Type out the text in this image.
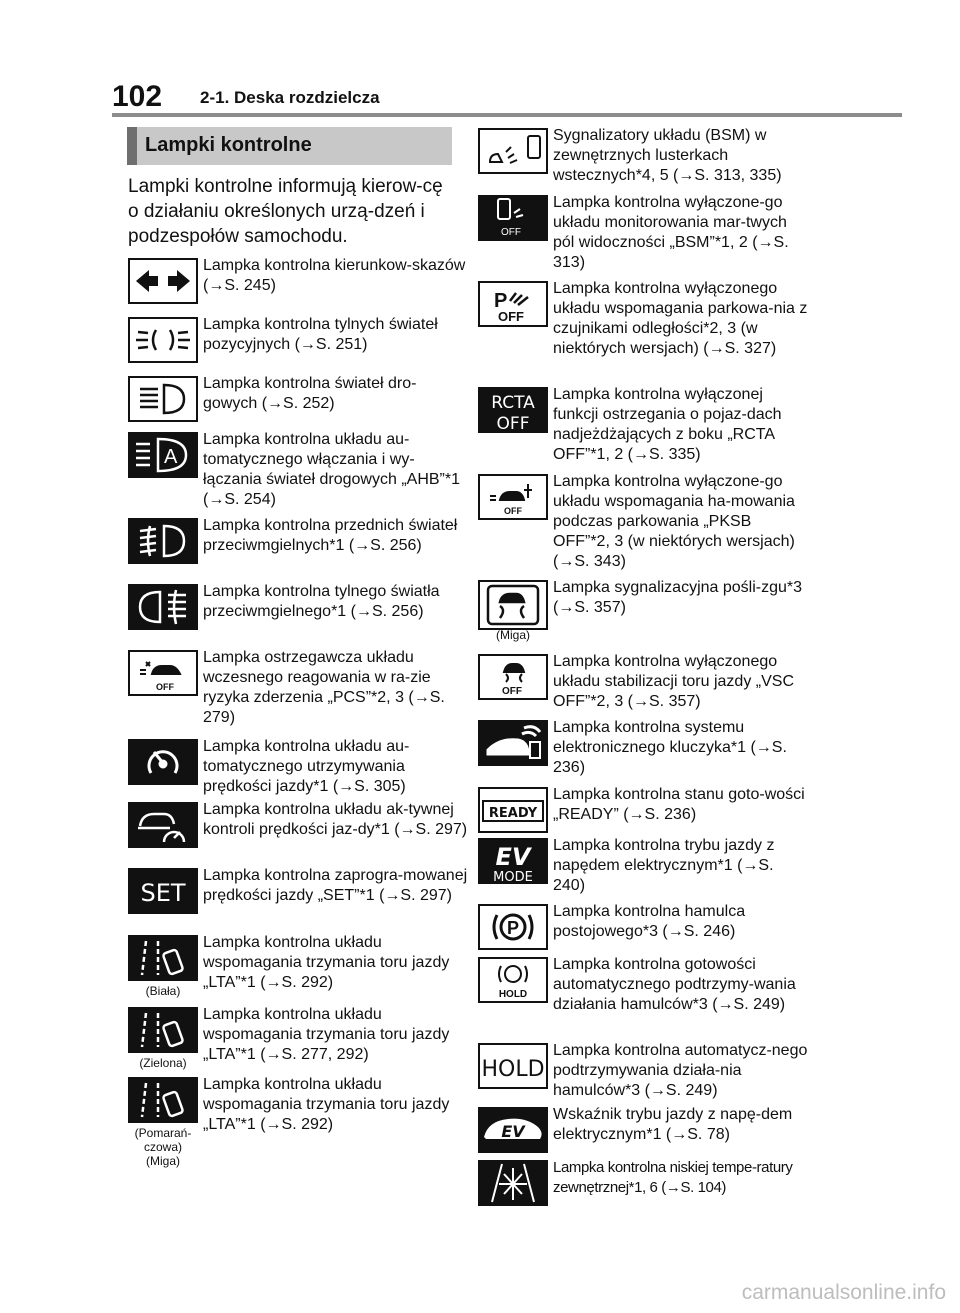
102 2-1. Deska rozdzielcza
Lampki kontrolne
Lampki kontrolne informują kierow-cę o działaniu określonych urzą-dzeń i podzespołów samochodu.
Lampka kontrolna kierunkow-skazów (→S. 245)
Lampka kontrolna tylnych świateł pozycyjnych (→S. 251)
Lampka kontrolna świateł dro-gowych (→S. 252)
A
Lampka kontrolna układu au-tomatycznego włączania i wy-łączania świateł drogowych „AHB”*1 (→S. 254)
Lampka kontrolna przednich świateł przeciwmgielnych*1 (→S. 256)
Lampka kontrolna tylnego światła przeciwmgielnego*1 (→S. 256)
OFF
Lampka ostrzegawcza układu wczesnego reagowania w ra-zie ryzyka zderzenia „PCS”*2, 3 (→S. 279)
Lampka kontrolna układu au-tomatycznego utrzymywania prędkości jazdy*1 (→S. 305)
Lampka kontrolna układu ak-tywnej kontroli prędkości jaz-dy*1 (→S. 297)
SET
Lampka kontrolna zaprogra-mowanej prędkości jazdy „SET”*1 (→S. 297)
(Biała)
Lampka kontrolna układu wspomagania trzymania toru jazdy „LTA”*1 (→S. 292)
(Zielona)
Lampka kontrolna układu wspomagania trzymania toru jazdy „LTA”*1 (→S. 277, 292)
(Pomarań-czowa) (Miga)
Lampka kontrolna układu wspomagania trzymania toru jazdy „LTA”*1 (→S. 292)
Sygnalizatory układu (BSM) w zewnętrznych lusterkach wstecznych*4, 5 (→S. 313, 335)
OFF
Lampka kontrolna wyłączone-go układu monitorowania mar-twych pól widoczności „BSM”*1, 2 (→S. 313)
P
OFF
Lampka kontrolna wyłączonego układu wspomagania parkowa-nia z czujnikami odległości*2, 3 (w niektórych wersjach) (→S. 327)
RCTA
OFF
Lampka kontrolna wyłączonej funkcji ostrzegania o pojaz-dach nadjeżdżających z boku „RCTA OFF”*1, 2 (→S. 335)
OFF
Lampka kontrolna wyłączone-go układu wspomagania ha-mowania podczas parkowania „PKSB OFF”*2, 3 (w niektórych wersjach) (→S. 343)
(Miga)
Lampka sygnalizacyjna pośli-zgu*3 (→S. 357)
OFF
Lampka kontrolna wyłączonego układu stabilizacji toru jazdy „VSC OFF”*2, 3 (→S. 357)
Lampka kontrolna systemu elektronicznego kluczyka*1 (→S. 236)
READY
Lampka kontrolna stanu goto-wości „READY” (→S. 236)
EV
MODE
Lampka kontrolna trybu jazdy z napędem elektrycznym*1 (→S. 240)
P
Lampka kontrolna hamulca postojowego*3 (→S. 246)
HOLD
Lampka kontrolna gotowości automatycznego podtrzymy-wania działania hamulców*3 (→S. 249)
HOLD
Lampka kontrolna automatycz-nego podtrzymywania działa-nia hamulców*3 (→S. 249)
EV
Wskaźnik trybu jazdy z napę-dem elektrycznym*1 (→S. 78)
Lampka kontrolna niskiej tempe-ratury zewnętrznej*1, 6 (→S. 104)
carmanualsonline.info
